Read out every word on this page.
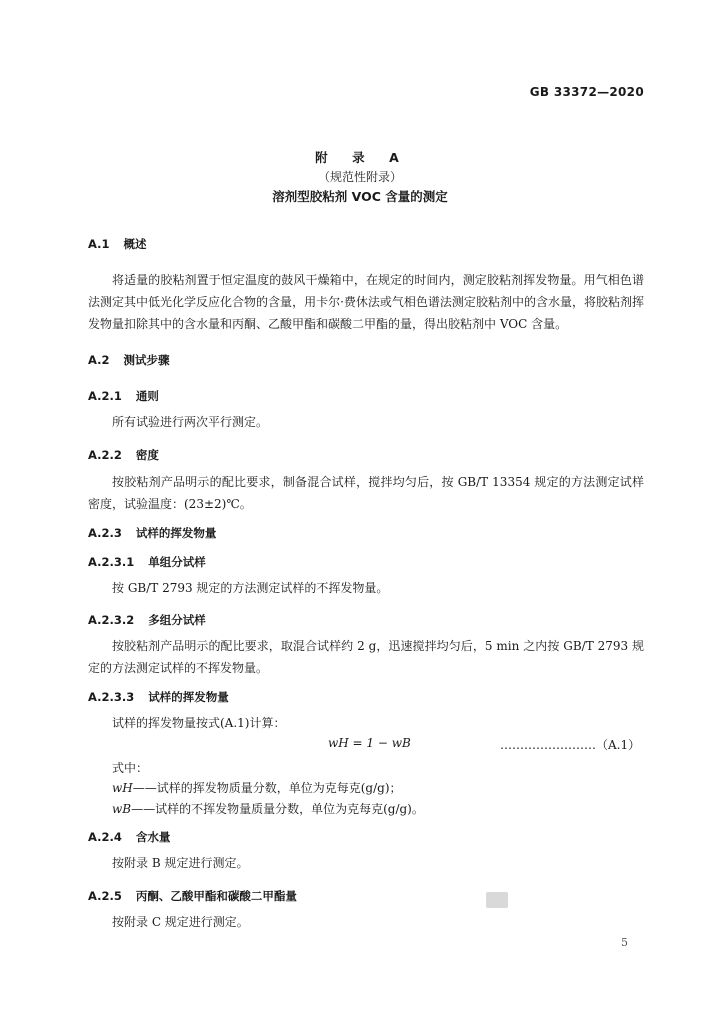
GB 33372—2020
附　录　A
（规范性附录）
溶剂型胶粘剂 VOC 含量的测定
A.1 概述
将适量的胶粘剂置于恒定温度的鼓风干燥箱中，在规定的时间内，测定胶粘剂挥发物量。用气相色谱法测定其中低光化学反应化合物的含量，用卡尔·费休法或气相色谱法测定胶粘剂中的含水量，将胶粘剂挥发物量扣除其中的含水量和丙酮、乙酸甲酯和碳酸二甲酯的量，得出胶粘剂中 VOC 含量。
A.2 测试步骤
A.2.1 通则
所有试验进行两次平行测定。
A.2.2 密度
按胶粘剂产品明示的配比要求，制备混合试样，搅拌均匀后，按 GB/T 13354 规定的方法测定试样密度，试验温度：(23±2)℃。
A.2.3 试样的挥发物量
A.2.3.1 单组分试样
按 GB/T 2793 规定的方法测定试样的不挥发物量。
A.2.3.2 多组分试样
按胶粘剂产品明示的配比要求，取混合试样约 2 g，迅速搅拌均匀后，5 min 之内按 GB/T 2793 规定的方法测定试样的不挥发物量。
A.2.3.3 试样的挥发物量
试样的挥发物量按式(A.1)计算：
wH = 1 − wB	……………………（A.1）
式中：
wH——试样的挥发物质量分数，单位为克每克(g/g)；
wB——试样的不挥发物量质量分数，单位为克每克(g/g)。
A.2.4 含水量
按附录 B 规定进行测定。
A.2.5 丙酮、乙酸甲酯和碳酸二甲酯量
按附录 C 规定进行测定。
5
